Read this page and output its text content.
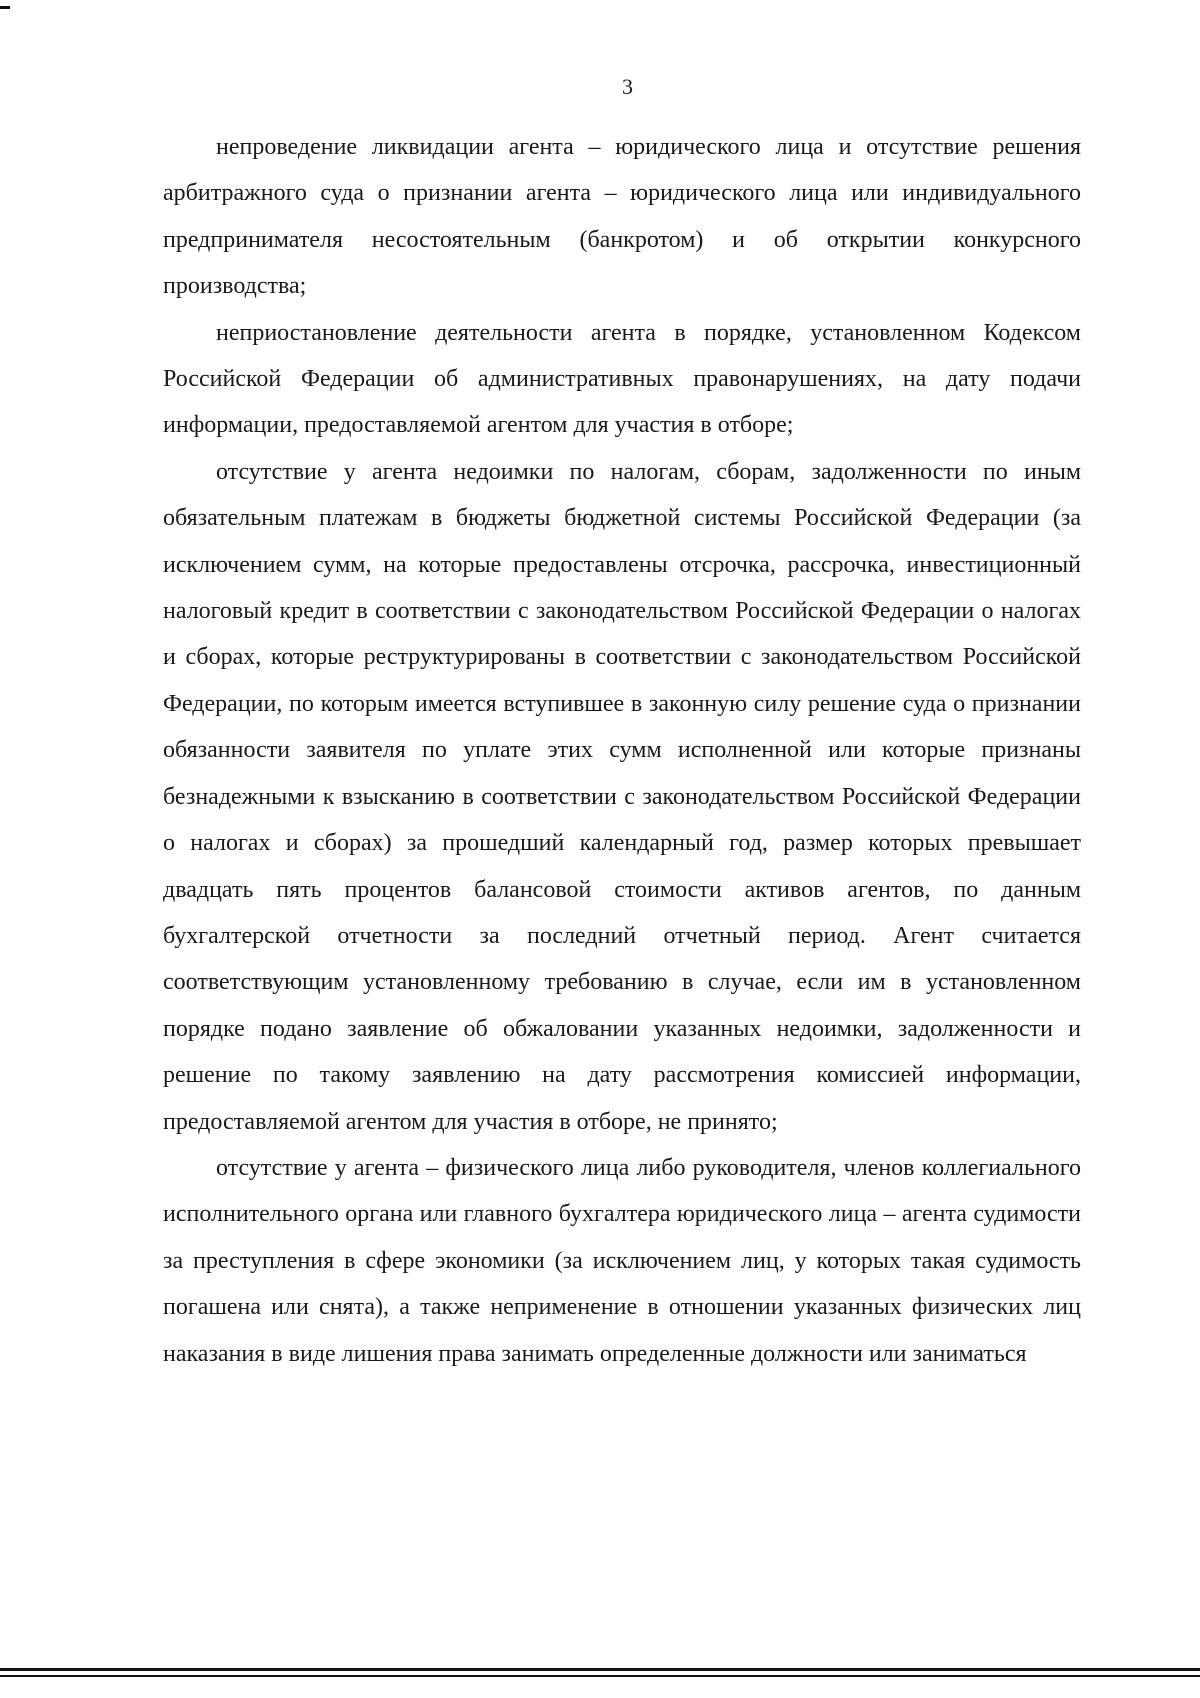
3

непроведение ликвидации агента – юридического лица и отсутствие решения арбитражного суда о признании агента – юридического лица или индивидуального предпринимателя несостоятельным (банкротом) и об открытии конкурсного производства;

неприостановление деятельности агента в порядке, установленном Кодексом Российской Федерации об административных правонарушениях, на дату подачи информации, предоставляемой агентом для участия в отборе;

отсутствие у агента недоимки по налогам, сборам, задолженности по иным обязательным платежам в бюджеты бюджетной системы Российской Федерации (за исключением сумм, на которые предоставлены отсрочка, рассрочка, инвестиционный налоговый кредит в соответствии с законодательством Российской Федерации о налогах и сборах, которые реструктурированы в соответствии с законодательством Российской Федерации, по которым имеется вступившее в законную силу решение суда о признании обязанности заявителя по уплате этих сумм исполненной или которые признаны безнадежными к взысканию в соответствии с законодательством Российской Федерации о налогах и сборах) за прошедший календарный год, размер которых превышает двадцать пять процентов балансовой стоимости активов агентов, по данным бухгалтерской отчетности за последний отчетный период. Агент считается соответствующим установленному требованию в случае, если им в установленном порядке подано заявление об обжаловании указанных недоимки, задолженности и решение по такому заявлению на дату рассмотрения комиссией информации, предоставляемой агентом для участия в отборе, не принято;

отсутствие у агента – физического лица либо руководителя, членов коллегиального исполнительного органа или главного бухгалтера юридического лица – агента судимости за преступления в сфере экономики (за исключением лиц, у которых такая судимость погашена или снята), а также неприменение в отношении указанных физических лиц наказания в виде лишения права занимать определенные должности или заниматься
